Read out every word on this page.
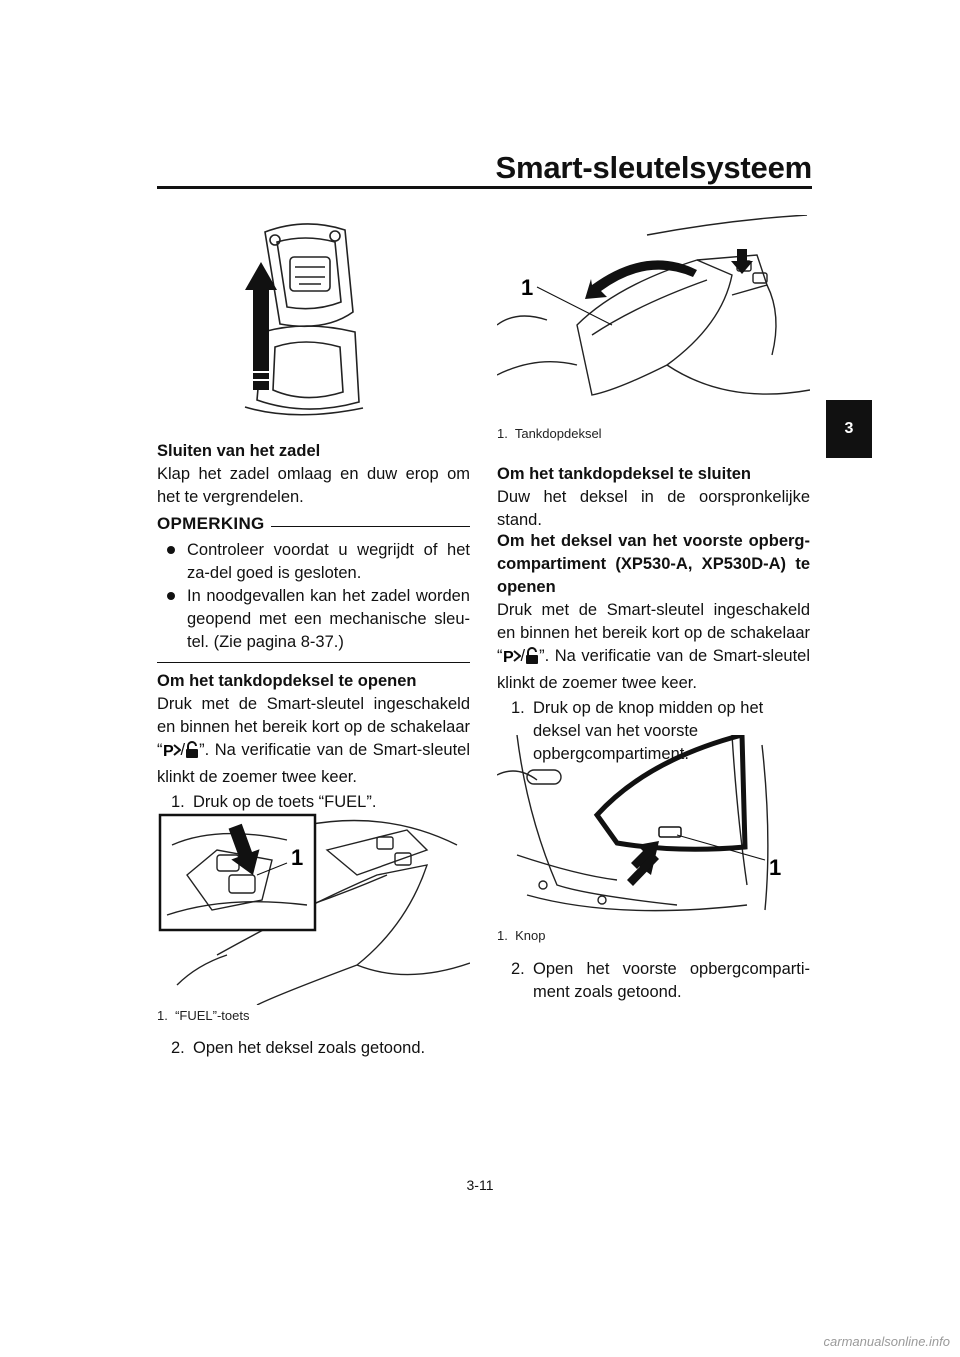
Smart-sleutelsysteem
3
Sluiten van het zadel
Klap het zadel omlaag en duw erop om het te vergrendelen.
OPMERKING
Controleer voordat u wegrijdt of het za-del goed is gesloten.
In noodgevallen kan het zadel worden geopend met een mechanische sleu-tel. (Zie pagina 8-37.)
Om het tankdopdeksel te openen
Druk met de Smart-sleutel ingeschakeld en binnen het bereik kort op de schakelaar “ P / ”. Na verificatie van de Smart-sleutel klinkt de zoemer twee keer.
1. Druk op de toets “FUEL”.
1
1. “FUEL”-toets
2. Open het deksel zoals getoond.
1
1. Tankdopdeksel
Om het tankdopdeksel te sluiten
Duw het deksel in de oorspronkelijke stand.
Om het deksel van het voorste opberg-compartiment (XP530-A, XP530D-A) te openen
Druk met de Smart-sleutel ingeschakeld en binnen het bereik kort op de schakelaar “ P / ”. Na verificatie van de Smart-sleutel klinkt de zoemer twee keer.
1. Druk op de knop midden op het deksel van het voorste opbergcompartiment.
1
1. Knop
2. Open het voorste opbergcomparti-ment zoals getoond.
3-11
carmanualsonline.info
